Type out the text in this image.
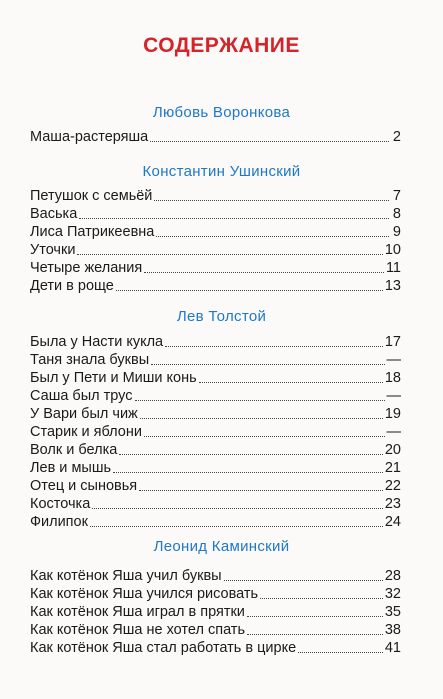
СОДЕРЖАНИЕ
Любовь Воронкова
Маша-растеряша	2
Константин Ушинский
Петушок с семьёй	7
Васька	8
Лиса Патрикеевна	9
Уточки	10
Четыре желания	11
Дети в роще	13
Лев Толстой
Была у Насти кукла	17
Таня знала буквы	—
Был у Пети и Миши конь	18
Саша был трус	—
У Вари был чиж	19
Старик и яблони	—
Волк и белка	20
Лев и мышь	21
Отец и сыновья	22
Косточка	23
Филипок	24
Леонид Каминский
Как котёнок Яша учил буквы	28
Как котёнок Яша учился рисовать	32
Как котёнок Яша играл в прятки	35
Как котёнок Яша не хотел спать	38
Как котёнок Яша стал работать в цирке	41
